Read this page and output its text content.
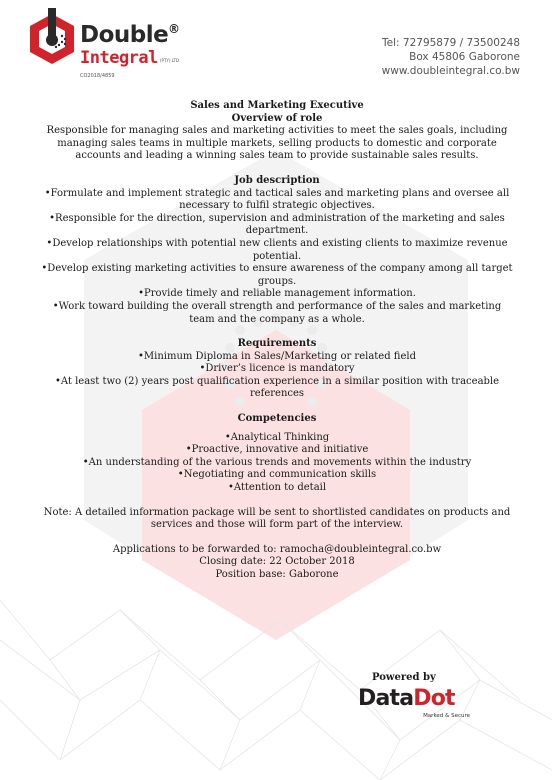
Double ®
Integral (PTY) LTD
CO2018/4859
Tel: 72795879 / 73500248
Box 45806 Gaborone
www.doubleintegral.co.bw
Sales and Marketing Executive
Overview of role
Responsible for managing sales and marketing activities to meet the sales goals, including managing sales teams in multiple markets, selling products to domestic and corporate accounts and leading a winning sales team to provide sustainable sales results.
Job description
•Formulate and implement strategic and tactical sales and marketing plans and oversee all necessary to fulfil strategic objectives.
•Responsible for the direction, supervision and administration of the marketing and sales department.
•Develop relationships with potential new clients and existing clients to maximize revenue potential.
•Develop existing marketing activities to ensure awareness of the company among all target groups.
•Provide timely and reliable management information.
•Work toward building the overall strength and performance of the sales and marketing team and the company as a whole.
Requirements
•Minimum Diploma in Sales/Marketing or related field
•Driver’s licence is mandatory
•At least two (2) years post qualification experience in a similar position with traceable references
Competencies
•Analytical Thinking
•Proactive, innovative and initiative
•An understanding of the various trends and movements within the industry
•Negotiating and communication skills
•Attention to detail
Note: A detailed information package will be sent to shortlisted candidates on products and services and those will form part of the interview.
Applications to be forwarded to: ramocha@doubleintegral.co.bw
Closing date: 22 October 2018
Position base: Gaborone
Powered by
DataDot
Marked & Secure
